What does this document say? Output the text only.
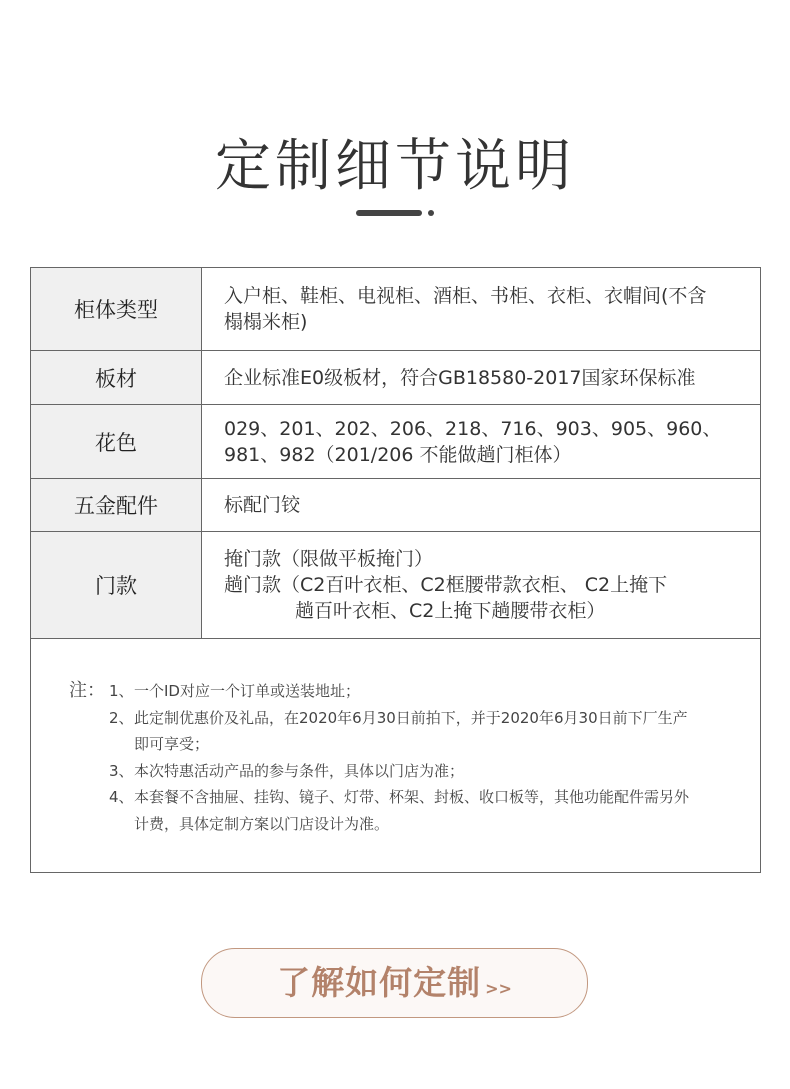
定制细节说明
柜体类型	入户柜、鞋柜、电视柜、酒柜、书柜、衣柜、衣帽间(不含
榻榻米柜)
板材	企业标准E0级板材，符合GB18580-2017国家环保标准
花色	029、201、202、206、218、716、903、905、960、
981、982（201/206 不能做趟门柜体）
五金配件	标配门铰
门款	掩门款（限做平板掩门）
趟门款（C2百叶衣柜、C2框腰带款衣柜、 C2上掩下
趟百叶衣柜、C2上掩下趟腰带衣柜）
注： 1、 一个ID对应一个订单或送装地址；
2、 此定制优惠价及礼品，在2020年6月30日前拍下，并于2020年6月30日前下厂生产
即可享受；
3、 本次特惠活动产品的参与条件，具体以门店为准；
4、 本套餐不含抽屉、挂钩、镜子、灯带、杯架、封板、收口板等，其他功能配件需另外
计费，具体定制方案以门店设计为准。
了解如何定制 >>
